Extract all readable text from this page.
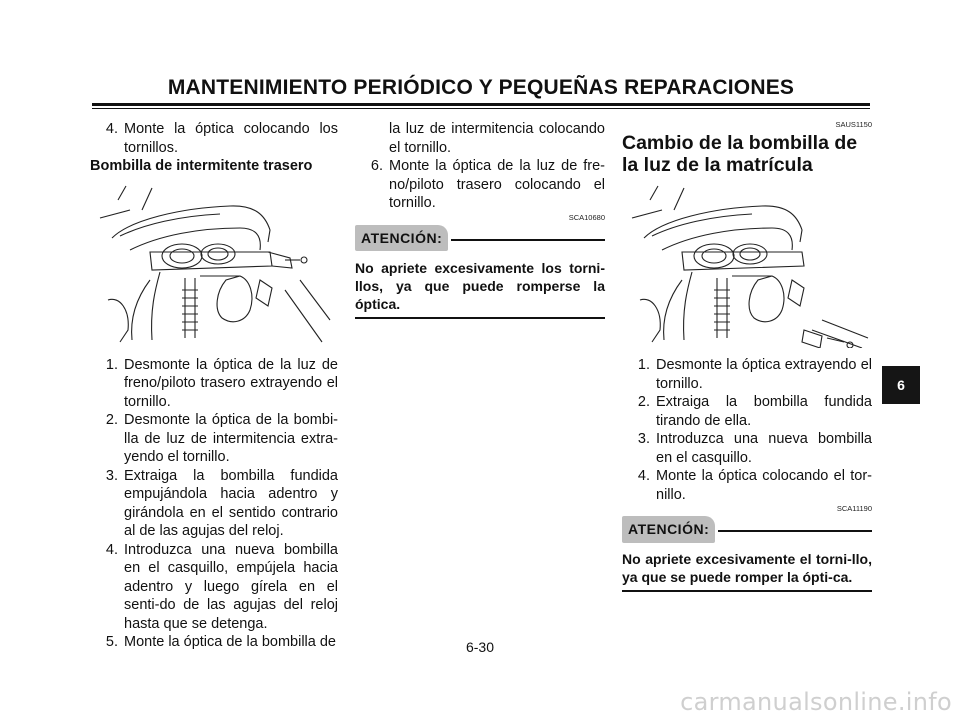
MANTENIMIENTO PERIÓDICO Y PEQUEÑAS REPARACIONES
4. Monte la óptica colocando los tornillos.
Bombilla de intermitente trasero
1. Desmonte la óptica de la luz de freno/piloto trasero extrayendo el tornillo.
2. Desmonte la óptica de la bombi-lla de luz de intermitencia extra-yendo el tornillo.
3. Extraiga la bombilla fundida empujándola hacia adentro y girándola en el sentido contrario al de las agujas del reloj.
4. Introduzca una nueva bombilla en el casquillo, empújela hacia adentro y luego gírela en el senti-do de las agujas del reloj hasta que se detenga.
5. Monte la óptica de la bombilla de
la luz de intermitencia colocando el tornillo.
6. Monte la óptica de la luz de fre-no/piloto trasero colocando el tornillo.
SCA10680
ATENCIÓN:
No apriete excesivamente los torni-llos, ya que puede romperse la óptica.
SAUS1150
Cambio de la bombilla de la luz de la matrícula
1. Desmonte la óptica extrayendo el tornillo.
2. Extraiga la bombilla fundida tirando de ella.
3. Introduzca una nueva bombilla en el casquillo.
4. Monte la óptica colocando el tor-nillo.
SCA11190
ATENCIÓN:
No apriete excesivamente el torni-llo, ya que se puede romper la ópti-ca.
6
6-30
carmanualsonline.info
